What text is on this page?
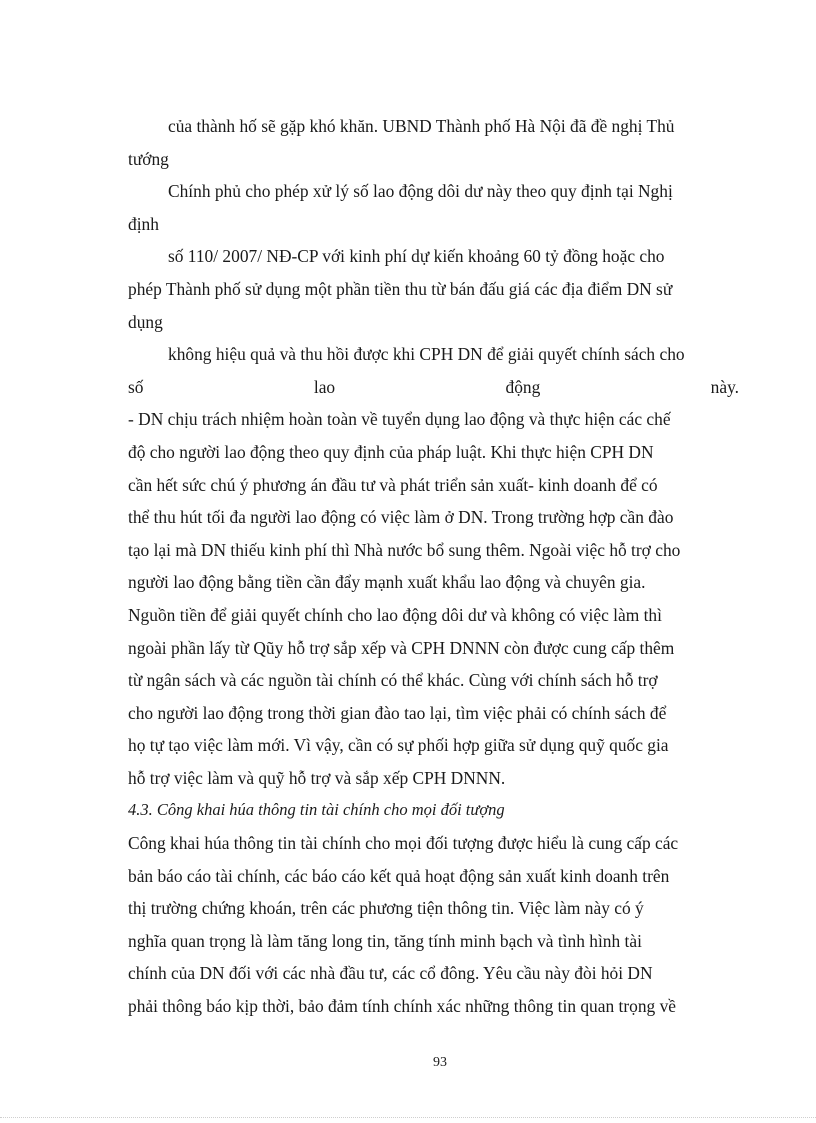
của thành hố sẽ gặp khó khăn. UBND Thành phố Hà Nội đã đề nghị Thủ
tướng
Chính phủ cho phép xử lý số lao động dôi dư này theo quy định tại Nghị
định
số 110/ 2007/ NĐ-CP với kinh phí dự kiến khoảng 60 tỷ đồng hoặc cho
phép Thành phố sử dụng một phần tiền thu từ bán đấu giá các địa điểm DN sử
dụng
không hiệu quả và thu hồi được khi CPH DN để giải quyết chính sách cho
số	lao	động	này.
- DN chịu trách nhiệm hoàn toàn về tuyển dụng lao động và thực hiện các chế
độ cho người lao động theo quy định của pháp luật. Khi thực hiện CPH DN
cần hết sức chú ý phương án đầu tư và phát triển sản xuất- kinh doanh để có
thể thu hút tối đa người lao động có việc làm ở DN. Trong trường hợp cần đào
tạo lại mà DN thiếu kinh phí thì Nhà nước bổ sung thêm. Ngoài việc hỗ trợ cho
người lao động bằng tiền cần đẩy mạnh xuất khẩu lao động và chuyên gia.
Nguồn tiền để giải quyết chính cho lao động dôi dư và không có việc làm thì
ngoài phần lấy từ Qũy hỗ trợ sắp xếp và CPH DNNN còn được cung cấp thêm
từ ngân sách và các nguồn tài chính có thể khác. Cùng với chính sách hỗ trợ
cho người lao động trong thời gian đào tao lại, tìm việc phải có chính sách để
họ tự tạo việc làm mới. Vì vậy, cần có sự phối hợp giữa sử dụng quỹ quốc gia
hỗ trợ việc làm và quỹ hỗ trợ và sắp xếp CPH DNNN.
4.3. Công khai húa thông tin tài chính cho mọi đối tượng
Công khai húa thông tin tài chính cho mọi đối tượng được hiểu là cung cấp các
bản báo cáo tài chính, các báo cáo kết quả hoạt động sản xuất kinh doanh trên
thị trường chứng khoán, trên các phương tiện thông tin. Việc làm này có ý
nghĩa quan trọng là làm tăng long tin, tăng tính minh bạch và tình hình tài
chính của DN đối với các nhà đầu tư, các cổ đông. Yêu cầu này đòi hỏi DN
phải thông báo kịp thời, bảo đảm tính chính xác những thông tin quan trọng về
93
